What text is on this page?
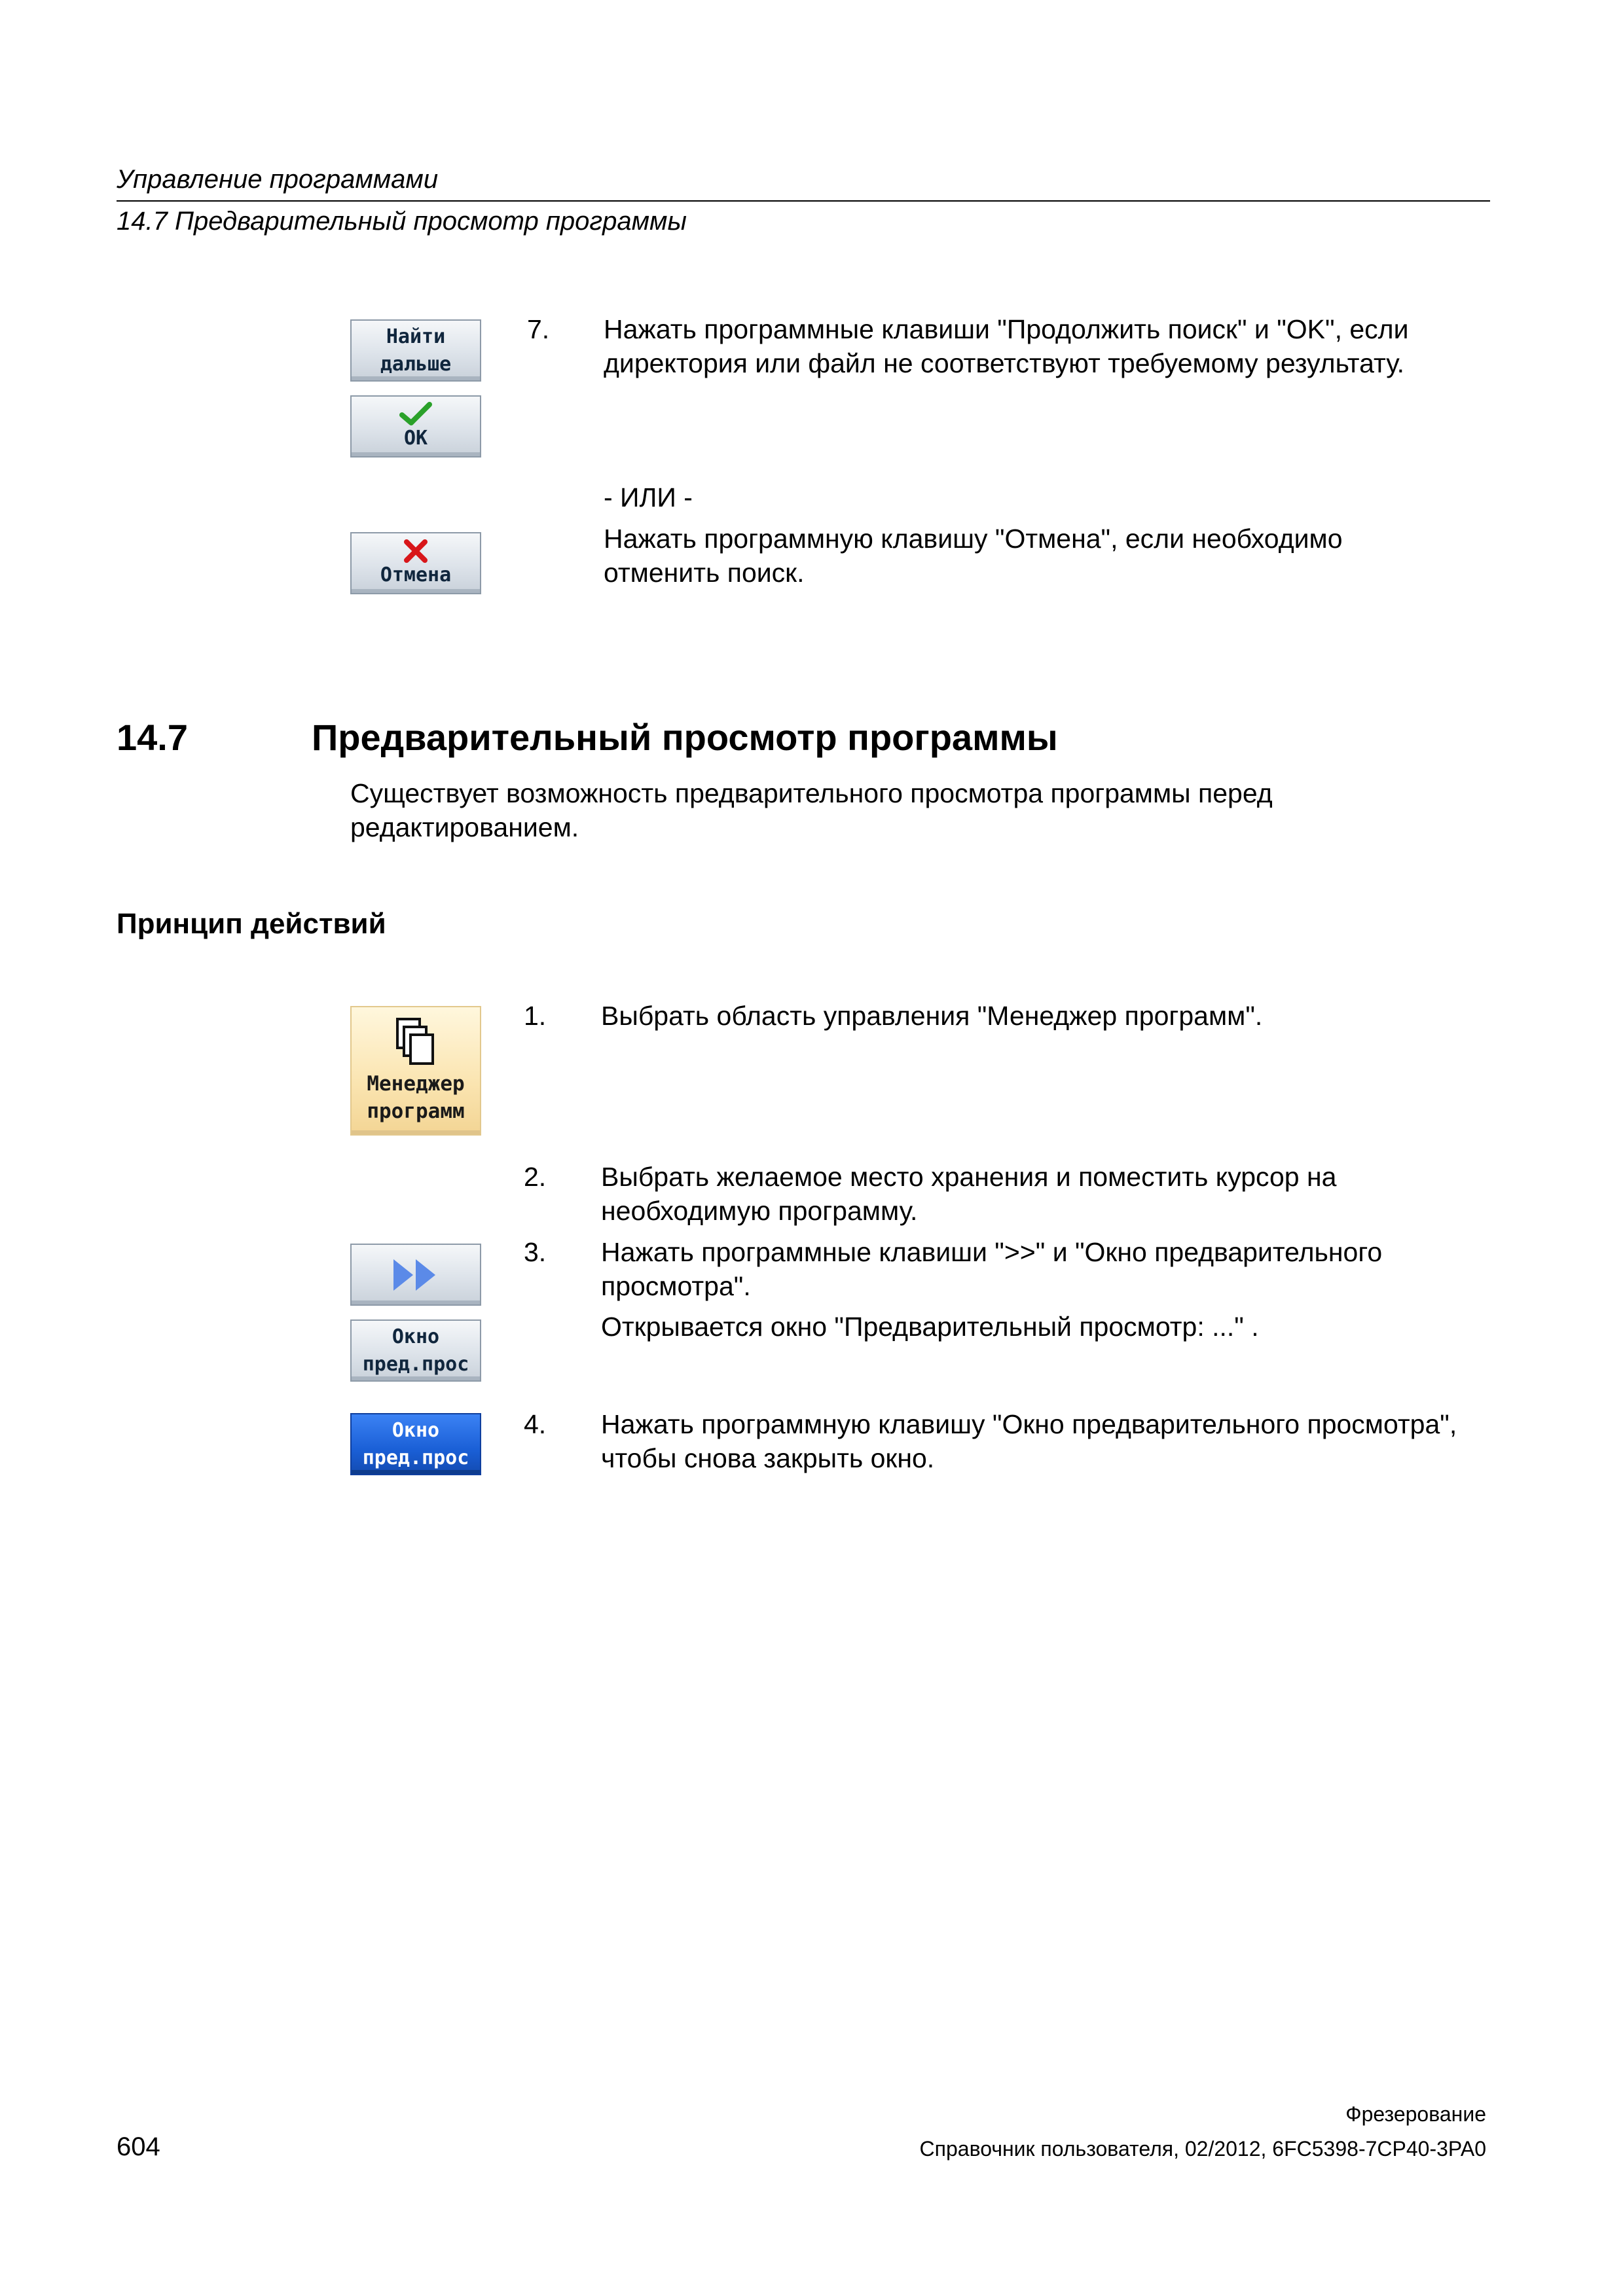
Управление программами
14.7 Предварительный просмотр программы
Найти
дальше
OK
Отмена
7. Нажать программные клавиши "Продолжить поиск" и "OK", если
директория или файл не соответствуют требуемому результату.
- ИЛИ -
Нажать программную клавишу "Отмена", если необходимо
отменить поиск.
14.7	Предварительный просмотр программы
Существует возможность предварительного просмотра программы перед
редактированием.
Принцип действий
Менеджер
программ
1. Выбрать область управления "Менеджер программ".
2. Выбрать желаемое место хранения и поместить курсор на
необходимую программу.
Окно
пред.прос
3. Нажать программные клавиши ">>" и "Окно предварительного
просмотра".
Открывается окно "Предварительный просмотр: ..." .
Окно
пред.прос
4. Нажать программную клавишу "Окно предварительного просмотра",
чтобы снова закрыть окно.
Фрезерование
604	Справочник пользователя, 02/2012, 6FC5398-7CP40-3PA0
